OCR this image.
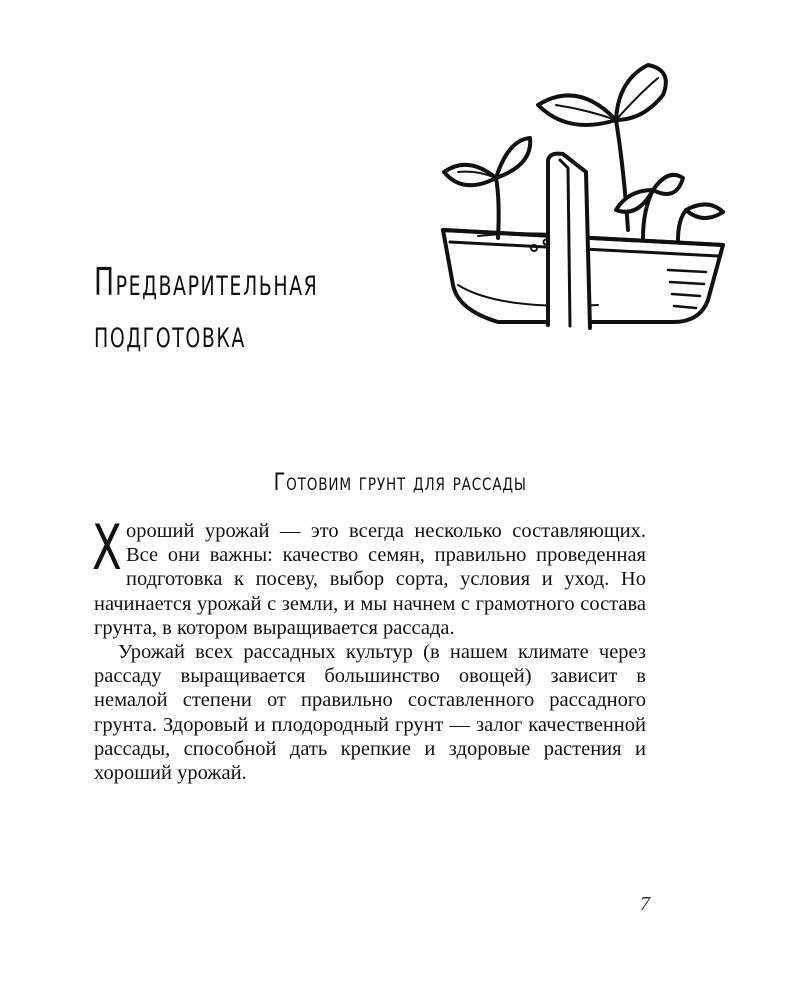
Предварительная
подготовка
Готовим грунт для рассады

Хороший урожай — это всегда несколько составляющих. Все они важны: качество семян, правильно проведенная подготовка к посеву, выбор сорта, условия и уход. Но начинается урожай с земли, и мы начнем с грамотного состава грунта, в котором выращивается рассада.

Урожай всех рассадных культур (в нашем климате через рассаду выращивается большинство овощей) зависит в немалой степени от правильно составленного рассадного грунта. Здоровый и плодородный грунт — залог качественной рассады, способной дать крепкие и здоровые растения и хороший урожай.

7
